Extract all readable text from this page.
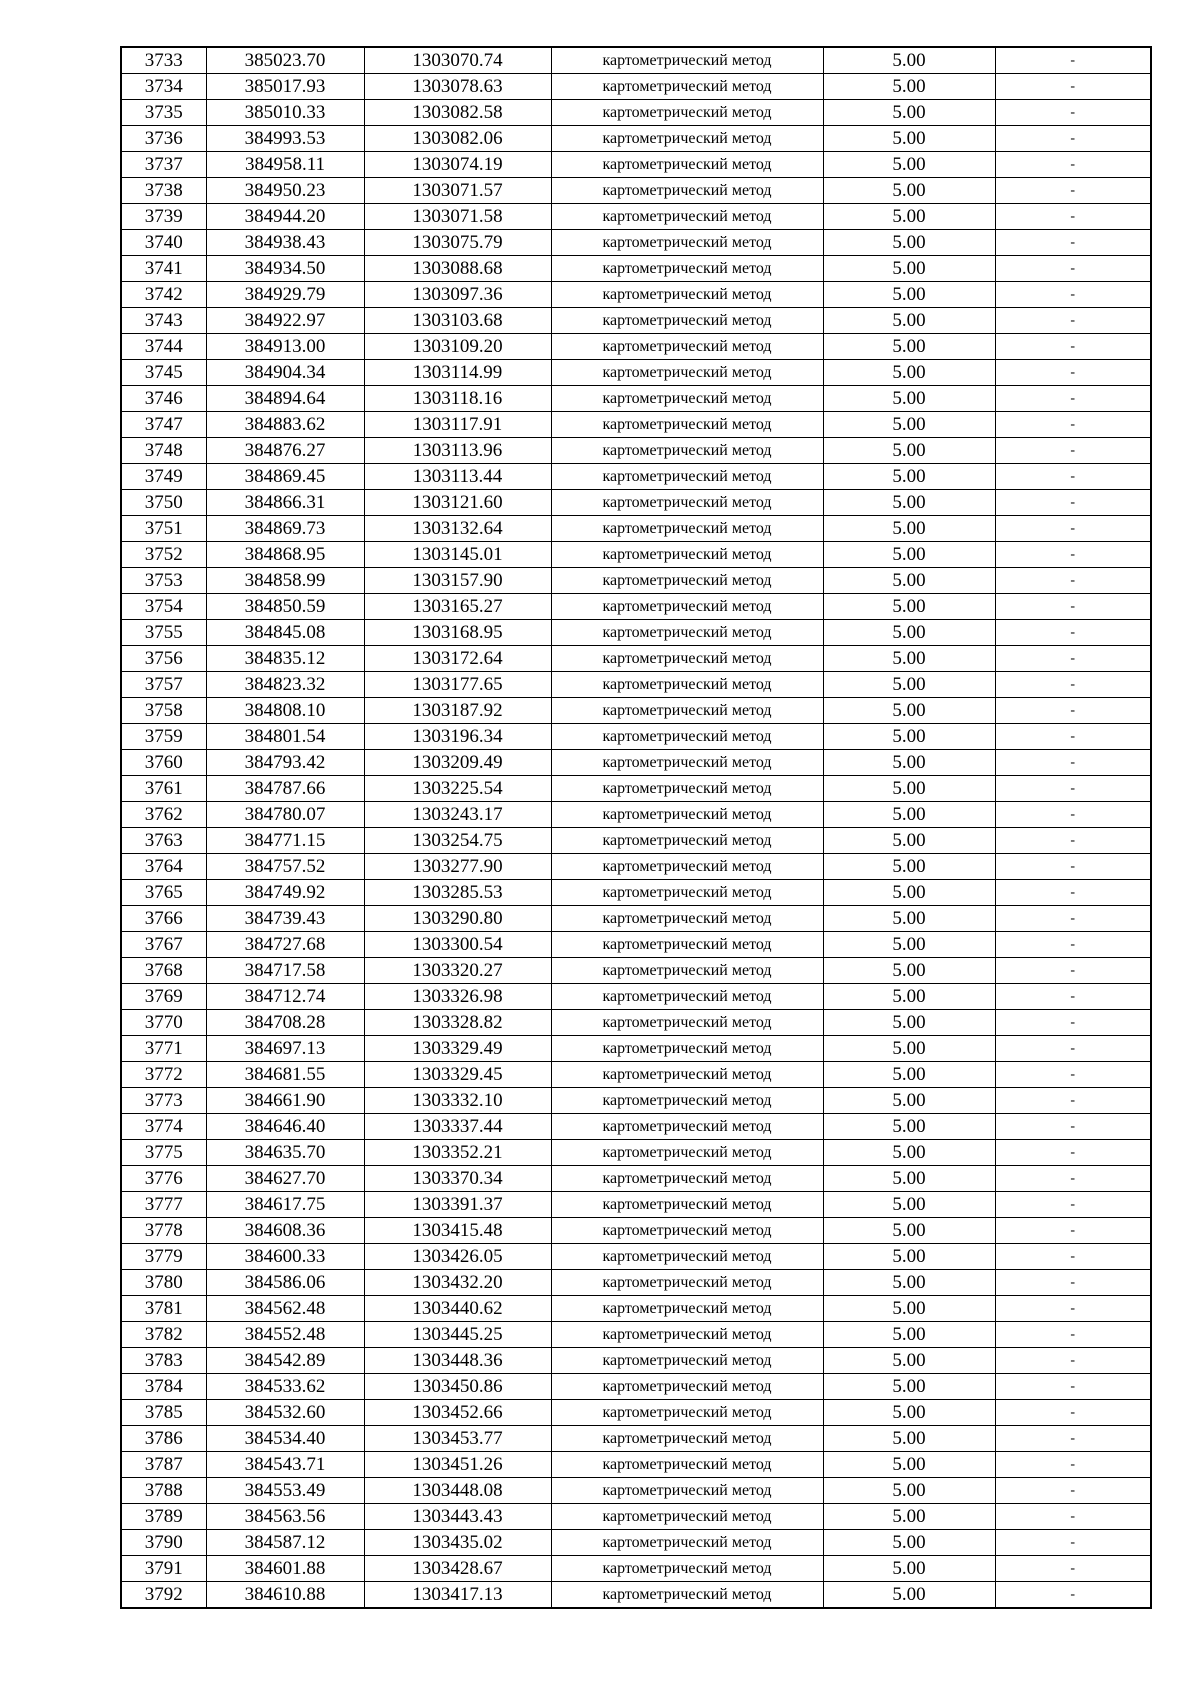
3733	385023.70	1303070.74	картометрический метод	5.00	-
3734	385017.93	1303078.63	картометрический метод	5.00	-
3735	385010.33	1303082.58	картометрический метод	5.00	-
3736	384993.53	1303082.06	картометрический метод	5.00	-
3737	384958.11	1303074.19	картометрический метод	5.00	-
3738	384950.23	1303071.57	картометрический метод	5.00	-
3739	384944.20	1303071.58	картометрический метод	5.00	-
3740	384938.43	1303075.79	картометрический метод	5.00	-
3741	384934.50	1303088.68	картометрический метод	5.00	-
3742	384929.79	1303097.36	картометрический метод	5.00	-
3743	384922.97	1303103.68	картометрический метод	5.00	-
3744	384913.00	1303109.20	картометрический метод	5.00	-
3745	384904.34	1303114.99	картометрический метод	5.00	-
3746	384894.64	1303118.16	картометрический метод	5.00	-
3747	384883.62	1303117.91	картометрический метод	5.00	-
3748	384876.27	1303113.96	картометрический метод	5.00	-
3749	384869.45	1303113.44	картометрический метод	5.00	-
3750	384866.31	1303121.60	картометрический метод	5.00	-
3751	384869.73	1303132.64	картометрический метод	5.00	-
3752	384868.95	1303145.01	картометрический метод	5.00	-
3753	384858.99	1303157.90	картометрический метод	5.00	-
3754	384850.59	1303165.27	картометрический метод	5.00	-
3755	384845.08	1303168.95	картометрический метод	5.00	-
3756	384835.12	1303172.64	картометрический метод	5.00	-
3757	384823.32	1303177.65	картометрический метод	5.00	-
3758	384808.10	1303187.92	картометрический метод	5.00	-
3759	384801.54	1303196.34	картометрический метод	5.00	-
3760	384793.42	1303209.49	картометрический метод	5.00	-
3761	384787.66	1303225.54	картометрический метод	5.00	-
3762	384780.07	1303243.17	картометрический метод	5.00	-
3763	384771.15	1303254.75	картометрический метод	5.00	-
3764	384757.52	1303277.90	картометрический метод	5.00	-
3765	384749.92	1303285.53	картометрический метод	5.00	-
3766	384739.43	1303290.80	картометрический метод	5.00	-
3767	384727.68	1303300.54	картометрический метод	5.00	-
3768	384717.58	1303320.27	картометрический метод	5.00	-
3769	384712.74	1303326.98	картометрический метод	5.00	-
3770	384708.28	1303328.82	картометрический метод	5.00	-
3771	384697.13	1303329.49	картометрический метод	5.00	-
3772	384681.55	1303329.45	картометрический метод	5.00	-
3773	384661.90	1303332.10	картометрический метод	5.00	-
3774	384646.40	1303337.44	картометрический метод	5.00	-
3775	384635.70	1303352.21	картометрический метод	5.00	-
3776	384627.70	1303370.34	картометрический метод	5.00	-
3777	384617.75	1303391.37	картометрический метод	5.00	-
3778	384608.36	1303415.48	картометрический метод	5.00	-
3779	384600.33	1303426.05	картометрический метод	5.00	-
3780	384586.06	1303432.20	картометрический метод	5.00	-
3781	384562.48	1303440.62	картометрический метод	5.00	-
3782	384552.48	1303445.25	картометрический метод	5.00	-
3783	384542.89	1303448.36	картометрический метод	5.00	-
3784	384533.62	1303450.86	картометрический метод	5.00	-
3785	384532.60	1303452.66	картометрический метод	5.00	-
3786	384534.40	1303453.77	картометрический метод	5.00	-
3787	384543.71	1303451.26	картометрический метод	5.00	-
3788	384553.49	1303448.08	картометрический метод	5.00	-
3789	384563.56	1303443.43	картометрический метод	5.00	-
3790	384587.12	1303435.02	картометрический метод	5.00	-
3791	384601.88	1303428.67	картометрический метод	5.00	-
3792	384610.88	1303417.13	картометрический метод	5.00	-
